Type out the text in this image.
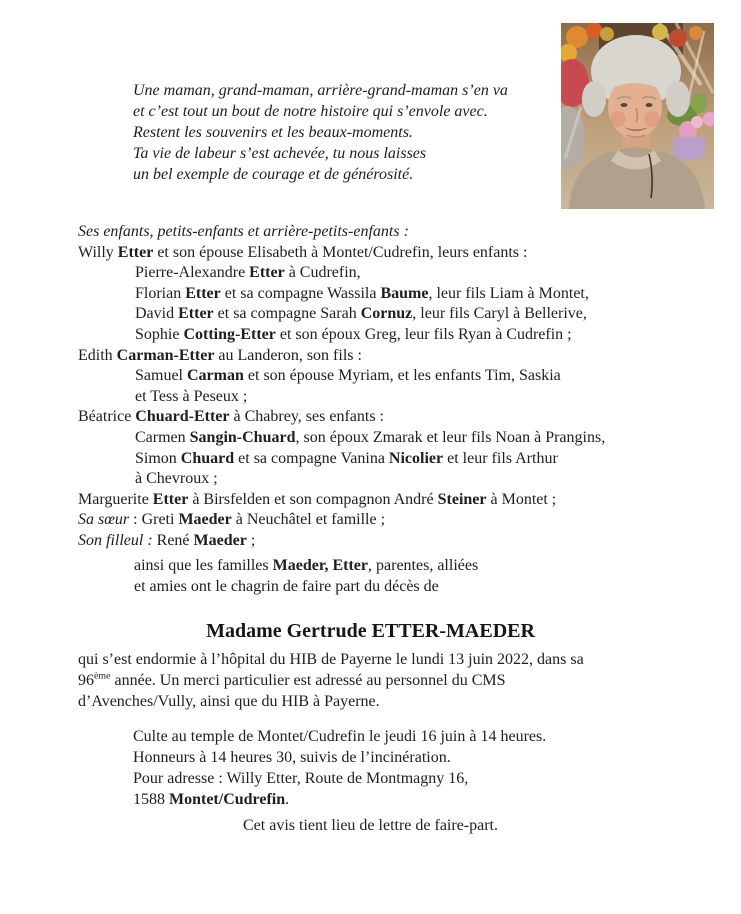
Une maman, grand-maman, arrière-grand-maman s’en va
et c’est tout un bout de notre histoire qui s’envole avec.
Restent les souvenirs et les beaux-moments.
Ta vie de labeur s’est achevée, tu nous laisses
un bel exemple de courage et de générosité.
Ses enfants, petits-enfants et arrière-petits-enfants :
Willy Etter et son épouse Elisabeth à Montet/Cudrefin, leurs enfants :
Pierre-Alexandre Etter à Cudrefin,
Florian Etter et sa compagne Wassila Baume, leur fils Liam à Montet,
David Etter et sa compagne Sarah Cornuz, leur fils Caryl à Bellerive,
Sophie Cotting-Etter et son époux Greg, leur fils Ryan à Cudrefin ;
Edith Carman-Etter au Landeron, son fils :
Samuel Carman et son épouse Myriam, et les enfants Tim, Saskia
et Tess à Peseux ;
Béatrice Chuard-Etter à Chabrey, ses enfants :
Carmen Sangin-Chuard, son époux Zmarak et leur fils Noan à Prangins,
Simon Chuard et sa compagne Vanina Nicolier et leur fils Arthur
à Chevroux ;
Marguerite Etter à Birsfelden et son compagnon André Steiner à Montet ;
Sa sœur : Greti Maeder à Neuchâtel et famille ;
Son filleul : René Maeder ;
ainsi que les familles Maeder, Etter, parentes, alliées
et amies ont le chagrin de faire part du décès de
Madame Gertrude ETTER-MAEDER
qui s’est endormie à l’hôpital du HIB de Payerne le lundi 13 juin 2022, dans sa
96ème année. Un merci particulier est adressé au personnel du CMS
d’Avenches/Vully, ainsi que du HIB à Payerne.
Culte au temple de Montet/Cudrefin le jeudi 16 juin à 14 heures.
Honneurs à 14 heures 30, suivis de l’incinération.
Pour adresse : Willy Etter, Route de Montmagny 16,
1588 Montet/Cudrefin.
Cet avis tient lieu de lettre de faire-part.
